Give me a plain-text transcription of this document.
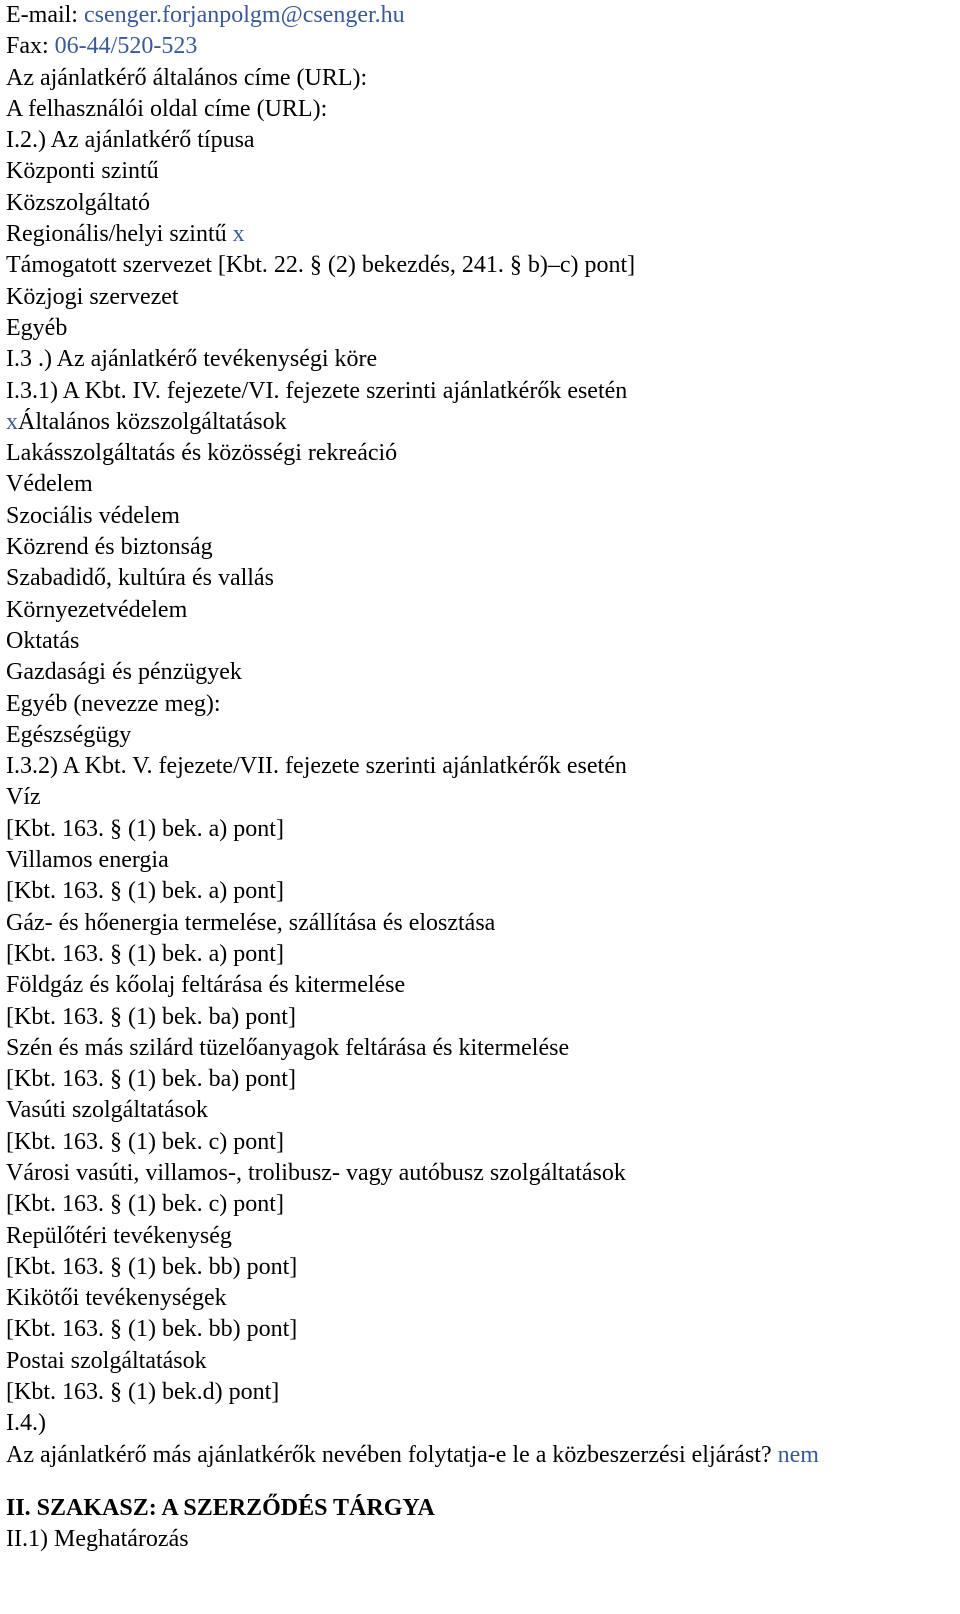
E-mail: csenger.forjanpolgm@csenger.hu
Fax: 06-44/520-523
Az ajánlatkérő általános címe (URL):
A felhasználói oldal címe (URL):
I.2.) Az ajánlatkérő típusa
Központi szintű
Közszolgáltató
Regionális/helyi szintű x
Támogatott szervezet [Kbt. 22. § (2) bekezdés, 241. § b)–c) pont]
Közjogi szervezet
Egyéb
I.3 .) Az ajánlatkérő tevékenységi köre
I.3.1) A Kbt. IV. fejezete/VI. fejezete szerinti ajánlatkérők esetén
xÁltalános közszolgáltatások
Lakásszolgáltatás és közösségi rekreáció
Védelem
Szociális védelem
Közrend és biztonság
Szabadidő, kultúra és vallás
Környezetvédelem
Oktatás
Gazdasági és pénzügyek
Egyéb (nevezze meg):
Egészségügy
I.3.2) A Kbt. V. fejezete/VII. fejezete szerinti ajánlatkérők esetén
Víz
[Kbt. 163. § (1) bek. a) pont]
Villamos energia
[Kbt. 163. § (1) bek. a) pont]
Gáz- és hőenergia termelése, szállítása és elosztása
[Kbt. 163. § (1) bek. a) pont]
Földgáz és kőolaj feltárása és kitermelése
[Kbt. 163. § (1) bek. ba) pont]
Szén és más szilárd tüzelőanyagok feltárása és kitermelése
[Kbt. 163. § (1) bek. ba) pont]
Vasúti szolgáltatások
[Kbt. 163. § (1) bek. c) pont]
Városi vasúti, villamos-, trolibusz- vagy autóbusz szolgáltatások
[Kbt. 163. § (1) bek. c) pont]
Repülőtéri tevékenység
[Kbt. 163. § (1) bek. bb) pont]
Kikötői tevékenységek
[Kbt. 163. § (1) bek. bb) pont]
Postai szolgáltatások
[Kbt. 163. § (1) bek.d) pont]
I.4.)
Az ajánlatkérő más ajánlatkérők nevében folytatja-e le a közbeszerzési eljárást? nem
II. SZAKASZ: A SZERZŐDÉS TÁRGYA
II.1) Meghatározás
